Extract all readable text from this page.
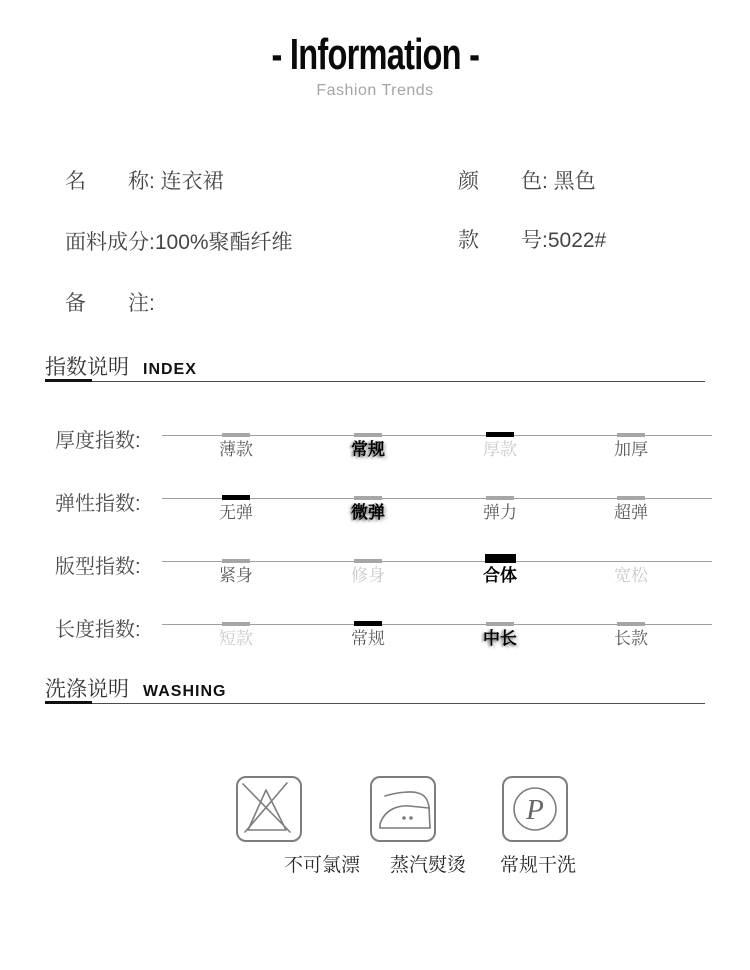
- Information -
Fashion Trends
名　　称: 连衣裙
面料成分:100%聚酯纤维
备　　注:
颜　　色: 黑色
款　　号:5022#
指数说明 INDEX
厚度指数:	薄款	常规	厚款	加厚
弹性指数:	无弹	微弹	弹力	超弹
版型指数:	紧身	修身	合体	宽松
长度指数:	短款	常规	中长	长款
洗涤说明 WASHING
P
不可氯漂 蒸汽熨烫 常规干洗
